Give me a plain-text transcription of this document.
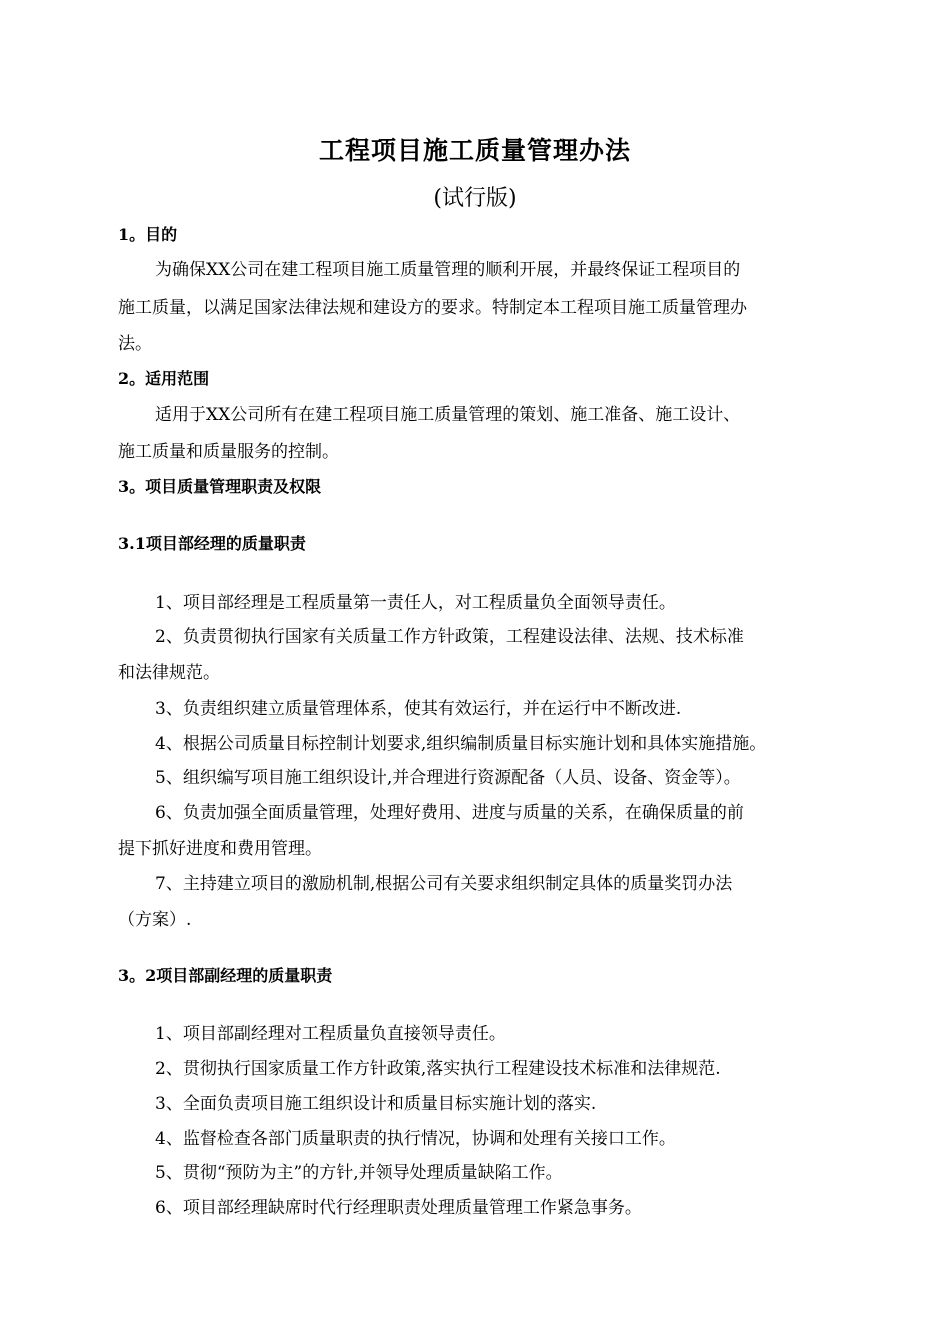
工程项目施工质量管理办法
(试行版)
1。目的
为确保XX公司在建工程项目施工质量管理的顺利开展，并最终保证工程项目的
施工质量，以满足国家法律法规和建设方的要求。特制定本工程项目施工质量管理办
法。
2。适用范围
适用于XX公司所有在建工程项目施工质量管理的策划、施工准备、施工设计、
施工质量和质量服务的控制。
3。项目质量管理职责及权限
3.1项目部经理的质量职责
1、项目部经理是工程质量第一责任人，对工程质量负全面领导责任。
2、负责贯彻执行国家有关质量工作方针政策，工程建设法律、法规、技术标准
和法律规范。
3、负责组织建立质量管理体系，使其有效运行，并在运行中不断改进.
4、根据公司质量目标控制计划要求,组织编制质量目标实施计划和具体实施措施。
5、组织编写项目施工组织设计,并合理进行资源配备（人员、设备、资金等）。
6、负责加强全面质量管理，处理好费用、进度与质量的关系，在确保质量的前
提下抓好进度和费用管理。
7、主持建立项目的激励机制,根据公司有关要求组织制定具体的质量奖罚办法
（方案）.
3。2项目部副经理的质量职责
1、项目部副经理对工程质量负直接领导责任。
2、贯彻执行国家质量工作方针政策,落实执行工程建设技术标准和法律规范.
3、全面负责项目施工组织设计和质量目标实施计划的落实.
4、监督检查各部门质量职责的执行情况，协调和处理有关接口工作。
5、贯彻“预防为主”的方针,并领导处理质量缺陷工作。
6、项目部经理缺席时代行经理职责处理质量管理工作紧急事务。
